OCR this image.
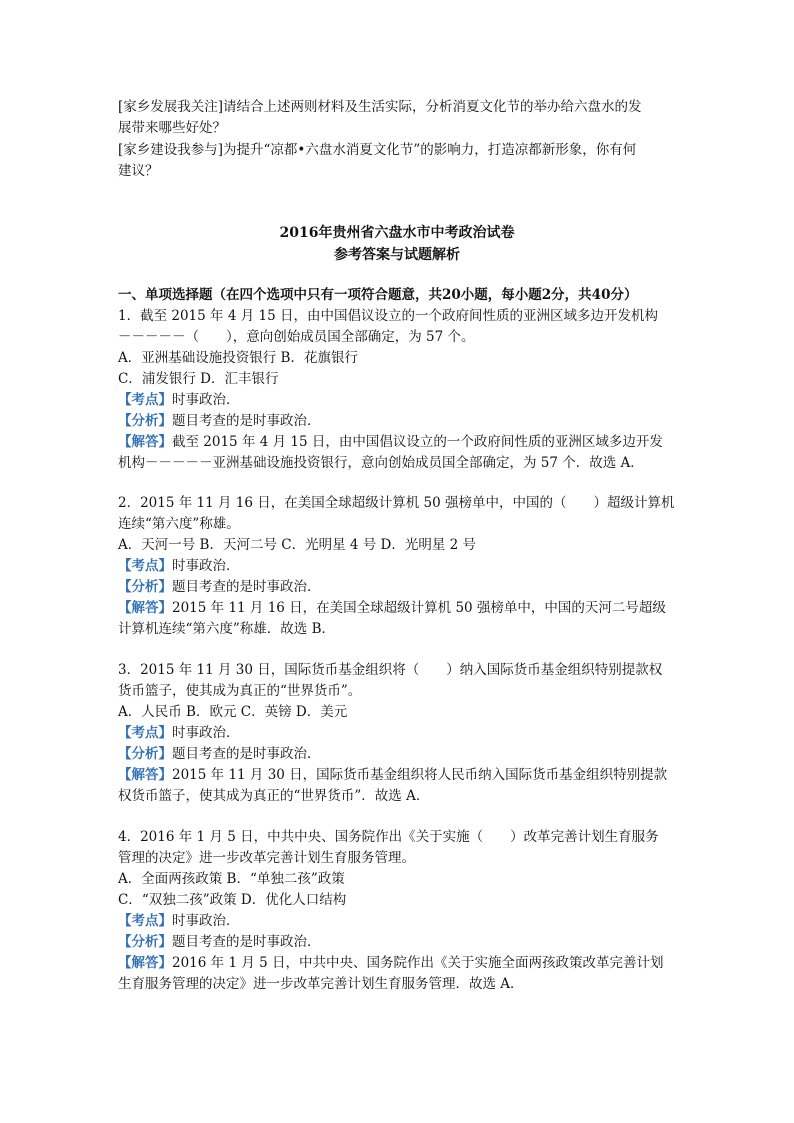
[家乡发展我关注]请结合上述两则材料及生活实际，分析消夏文化节的举办给六盘水的发

展带来哪些好处？

[家乡建设我参与]为提升“凉都•六盘水消夏文化节”的影响力，打造凉都新形象，你有何

建议？

2016年贵州省六盘水市中考政治试卷

参考答案与试题解析

一、单项选择题（在四个选项中只有一项符合题意，共20小题，每小题2分，共40分）

1．截至 2015 年 4 月 15 日，由中国倡议设立的一个政府间性质的亚洲区域多边开发机构

－－－－－（　　），意向创始成员国全部确定，为 57 个。

A．亚洲基础设施投资银行 B．花旗银行

C．浦发银行 D．汇丰银行

【考点】时事政治．

【分析】题目考查的是时事政治．

【解答】截至 2015 年 4 月 15 日，由中国倡议设立的一个政府间性质的亚洲区域多边开发

机构－－－－－亚洲基础设施投资银行，意向创始成员国全部确定，为 57 个．故选 A．

2．2015 年 11 月 16 日，在美国全球超级计算机 50 强榜单中，中国的（　　）超级计算机

连续“第六度”称雄。

A．天河一号 B．天河二号 C．光明星 4 号 D．光明星 2 号

【考点】时事政治．

【分析】题目考查的是时事政治．

【解答】2015 年 11 月 16 日，在美国全球超级计算机 50 强榜单中，中国的天河二号超级

计算机连续“第六度”称雄．故选 B．

3．2015 年 11 月 30 日，国际货币基金组织将（　　）纳入国际货币基金组织特别提款权

货币篮子，使其成为真正的“世界货币”。

A．人民币 B．欧元 C．英镑 D．美元

【考点】时事政治．

【分析】题目考查的是时事政治．

【解答】2015 年 11 月 30 日，国际货币基金组织将人民币纳入国际货币基金组织特别提款

权货币篮子，使其成为真正的“世界货币”．故选 A．

4．2016 年 1 月 5 日，中共中央、国务院作出《关于实施（　　）改革完善计划生育服务

管理的决定》进一步改革完善计划生育服务管理。

A．全面两孩政策 B．“单独二孩”政策

C．“双独二孩”政策 D．优化人口结构

【考点】时事政治．

【分析】题目考查的是时事政治．

【解答】2016 年 1 月 5 日，中共中央、国务院作出《关于实施全面两孩政策改革完善计划

生育服务管理的决定》进一步改革完善计划生育服务管理．故选 A．
